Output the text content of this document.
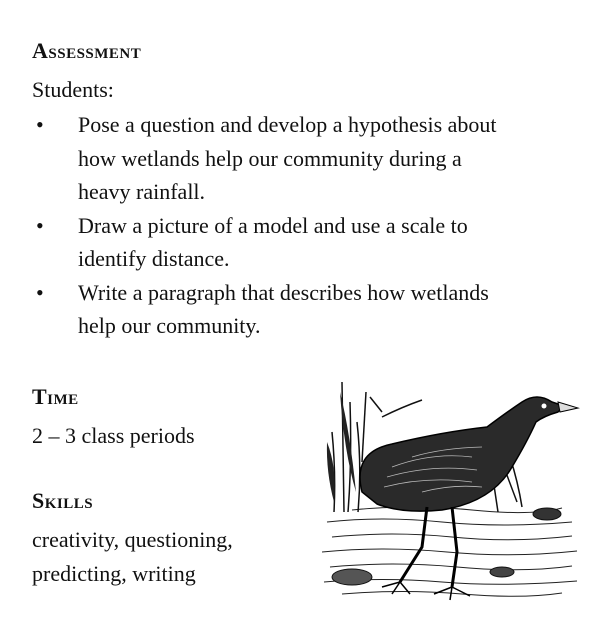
Assessment

Students:

• Pose a question and develop a hypothesis about how wetlands help our community during a heavy rainfall.
• Draw a picture of a model and use a scale to identify distance.
• Write a paragraph that describes how wetlands help our community.
Time

2 – 3 class periods

Skills

creativity, questioning,

predicting, writing
